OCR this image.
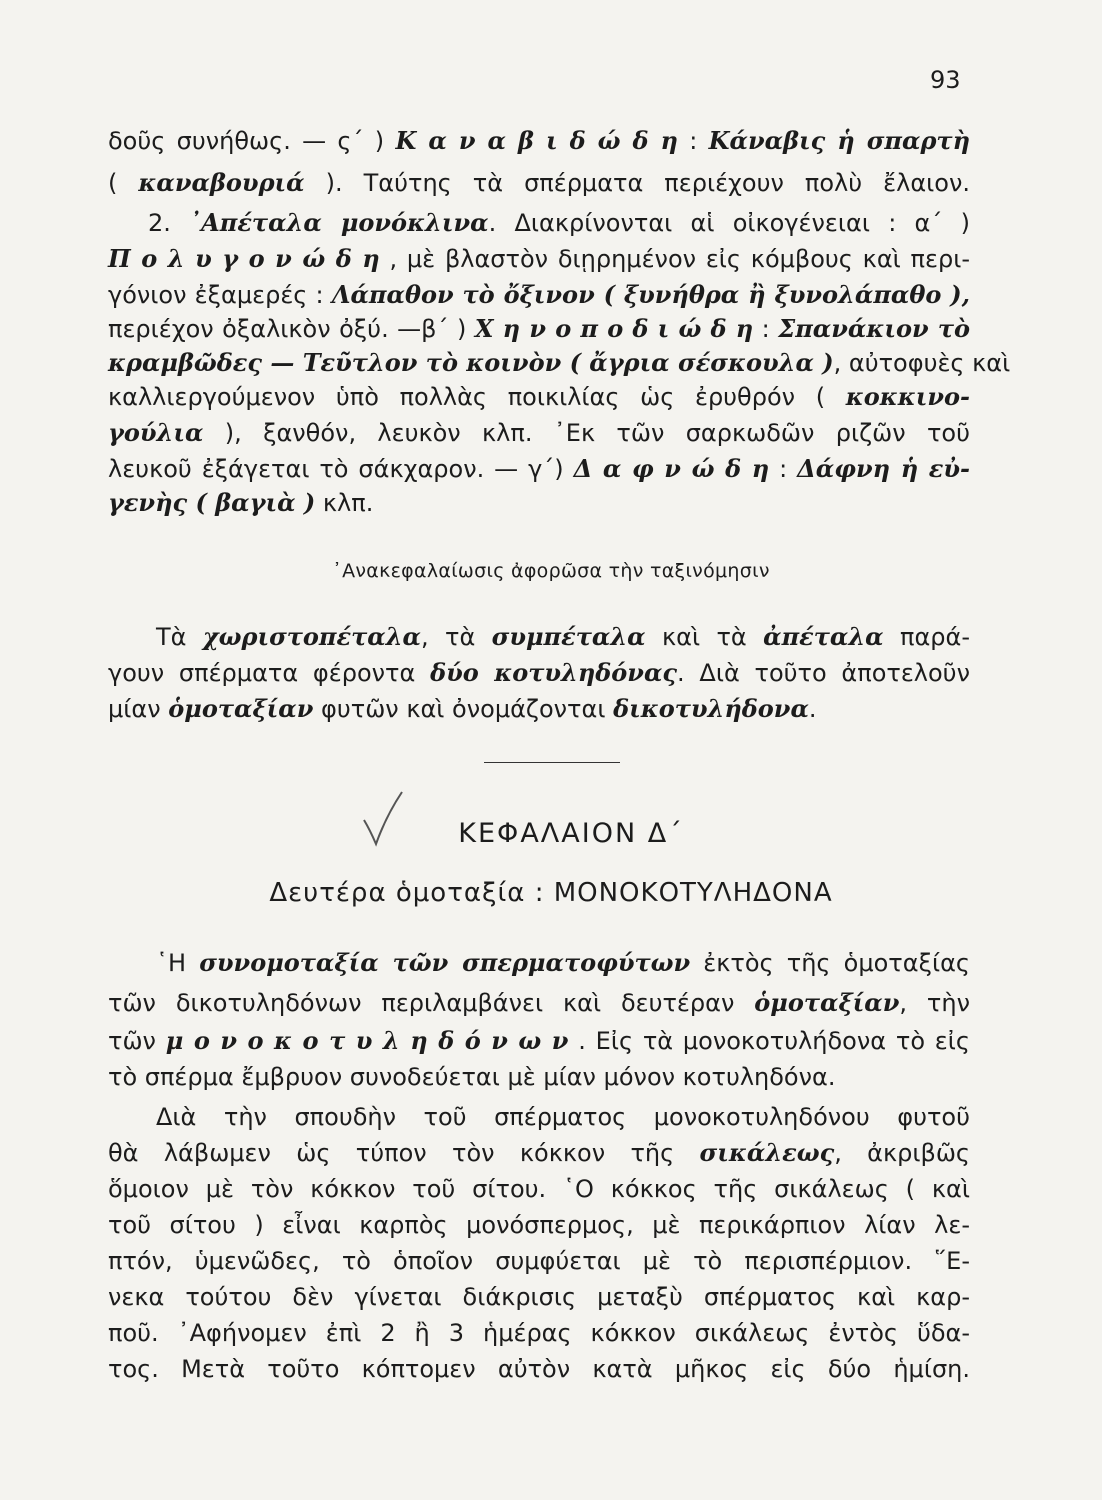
93
δοῦς συνήθως. — ς΄ ) Κ α ν α β ι δ ώ δ η : Κάναβις ἡ σπαρτὴ
( καναβουριά ). Ταύτης τὰ σπέρματα περιέχουν πολὺ ἔλαιον.
2. ᾿Απέταλα μονόκλινα. Διακρίνονται αἱ οἰκογένειαι : α΄ )
Π ο λ υ γ ο ν ώ δ η , μὲ βλαστὸν διῃρημένον εἰς κόμβους καὶ περι-
γόνιον ἐξαμερές : Λάπαθον τὸ ὄξινον ( ξυνήθρα ἢ ξυνολάπαθο ),
περιέχον ὀξαλικὸν ὀξύ. —β΄ ) Χ η ν ο π ο δ ι ώ δ η : Σπανάκιον τὸ
κραμβῶδες — Τεῦτλον τὸ κοινὸν ( ἄγρια σέσκουλα ), αὐτοφυὲς καὶ
καλλιεργούμενον ὑπὸ πολλὰς ποικιλίας ὡς ἐρυθρόν ( κοκκινο-
γούλια ), ξανθόν, λευκὸν κλπ. ᾿Εκ τῶν σαρκωδῶν ριζῶν τοῦ
λευκοῦ ἐξάγεται τὸ σάκχαρον. — γ΄) Δ α φ ν ώ δ η : Δάφνη ἡ εὐ-
γενὴς ( βαγιὰ ) κλπ.
᾿Ανακεφαλαίωσις ἀφορῶσα τὴν ταξινόμησιν
Τὰ χωριστοπέταλα, τὰ συμπέταλα καὶ τὰ ἀπέταλα παρά-
γουν σπέρματα φέροντα δύο κοτυληδόνας. Διὰ τοῦτο ἀποτελοῦν
μίαν ὁμοταξίαν φυτῶν καὶ ὀνομάζονται δικοτυλήδονα.
ΚΕΦΑΛΑΙΟΝ Δ΄
Δευτέρα ὁμοταξία : ΜΟΝΟΚΟΤΥΛΗΔΟΝΑ
῾Η συνομοταξία τῶν σπερματοφύτων ἐκτὸς τῆς ὁμοταξίας
τῶν δικοτυληδόνων περιλαμβάνει καὶ δευτέραν ὁμοταξίαν, τὴν
τῶν μ ο ν ο κ ο τ υ λ η δ ό ν ω ν . Εἰς τὰ μονοκοτυλήδονα τὸ εἰς
τὸ σπέρμα ἔμβρυον συνοδεύεται μὲ μίαν μόνον κοτυληδόνα.
Διὰ τὴν σπουδὴν τοῦ σπέρματος μονοκοτυληδόνου φυτοῦ
θὰ λάβωμεν ὡς τύπον τὸν κόκκον τῆς σικάλεως, ἀκριβῶς
ὅμοιον μὲ τὸν κόκκον τοῦ σίτου. ῾Ο κόκκος τῆς σικάλεως ( καὶ
τοῦ σίτου ) εἶναι καρπὸς μονόσπερμος, μὲ περικάρπιον λίαν λε-
πτόν, ὑμενῶδες, τὸ ὁποῖον συμφύεται μὲ τὸ περισπέρμιον. ῞Ε-
νεκα τούτου δὲν γίνεται διάκρισις μεταξὺ σπέρματος καὶ καρ-
ποῦ. ᾿Αφήνομεν ἐπὶ 2 ἢ 3 ἡμέρας κόκκον σικάλεως ἐντὸς ὕδα-
τος. Μετὰ τοῦτο κόπτομεν αὐτὸν κατὰ μῆκος εἰς δύο ἡμίση.
